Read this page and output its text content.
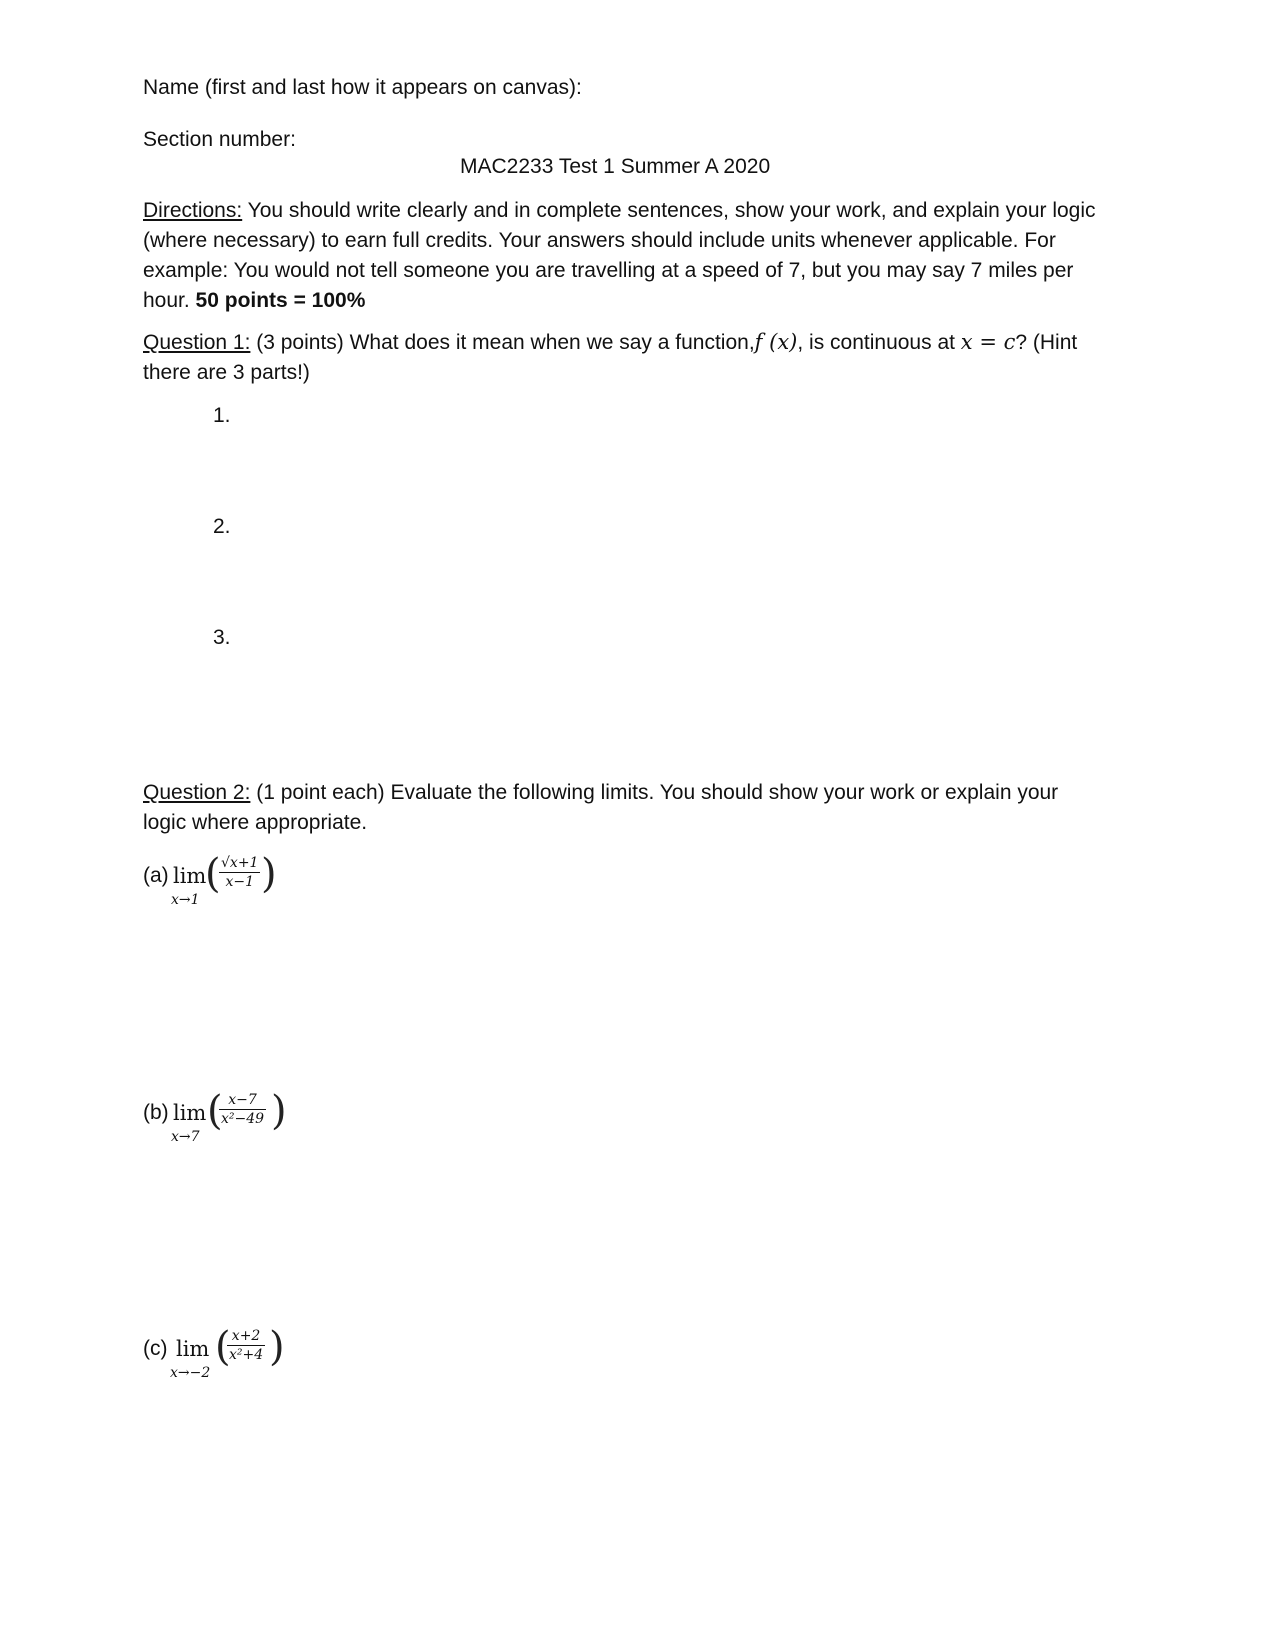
Name (first and last how it appears on canvas):
Section number:
MAC2233 Test 1 Summer A 2020
Directions: You should write clearly and in complete sentences, show your work, and explain your logic (where necessary) to earn full credits. Your answers should include units whenever applicable. For example: You would not tell someone you are travelling at a speed of 7, but you may say 7 miles per hour. 50 points = 100%
Question 1: (3 points) What does it mean when we say a function,f (x), is continuous at x = c? (Hint there are 3 parts!)
1.
2.
3.
Question 2: (1 point each) Evaluate the following limits. You should show your work or explain your logic where appropriate.
(a) lim
x→1
( √x+1
x−1 )
(b) lim
x→7
( x−7
x²−49 )
(c) lim
x→−2
( x+2
x²+4 )
